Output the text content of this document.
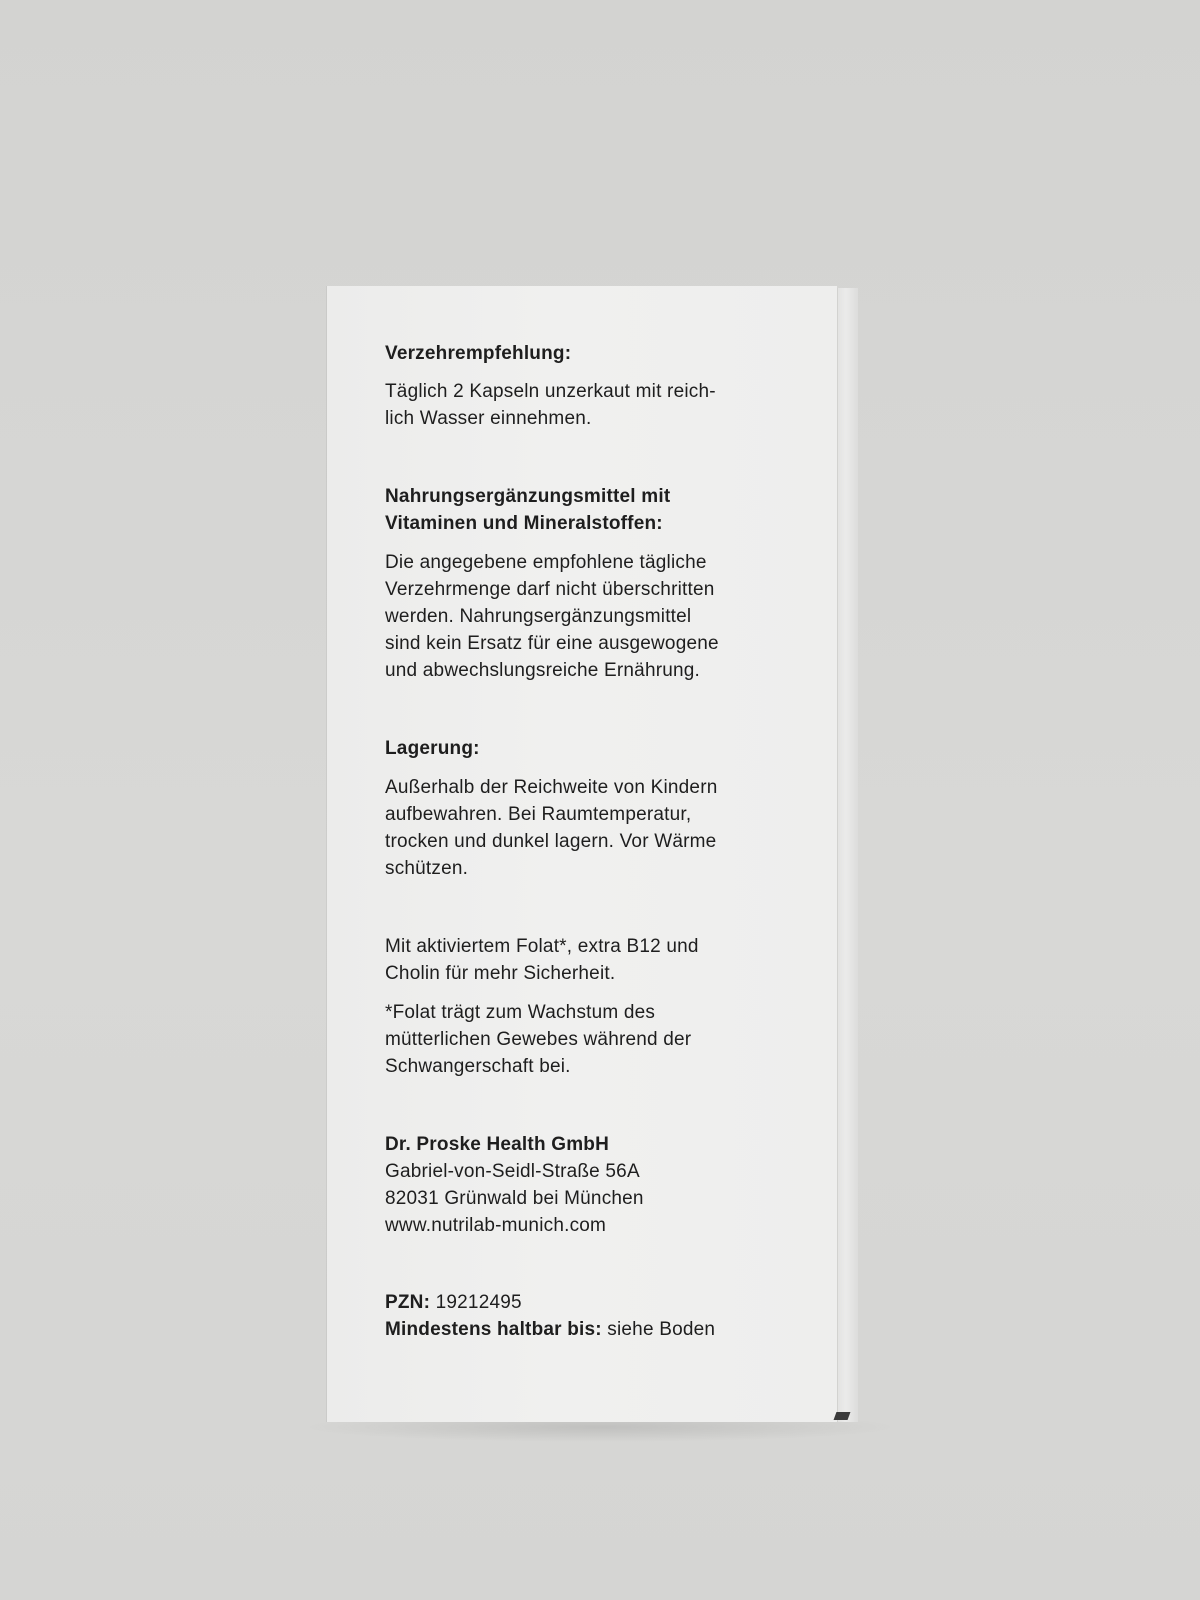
Verzehrempfehlung:

Täglich 2 Kapseln unzerkaut mit reich-

lich Wasser einnehmen.

Nahrungsergänzungsmittel mit

Vitaminen und Mineralstoffen:

Die angegebene empfohlene tägliche

Verzehrmenge darf nicht überschritten

werden. Nahrungsergänzungsmittel

sind kein Ersatz für eine ausgewogene

und abwechslungsreiche Ernährung.

Lagerung:

Außerhalb der Reichweite von Kindern

aufbewahren. Bei Raumtemperatur,

trocken und dunkel lagern. Vor Wärme

schützen.

Mit aktiviertem Folat*, extra B12 und

Cholin für mehr Sicherheit.

*Folat trägt zum Wachstum des

mütterlichen Gewebes während der

Schwangerschaft bei.

Dr. Proske Health GmbH

Gabriel-von-Seidl-Straße 56A

82031 Grünwald bei München

www.nutrilab-munich.com

PZN: 19212495

Mindestens haltbar bis: siehe Boden
